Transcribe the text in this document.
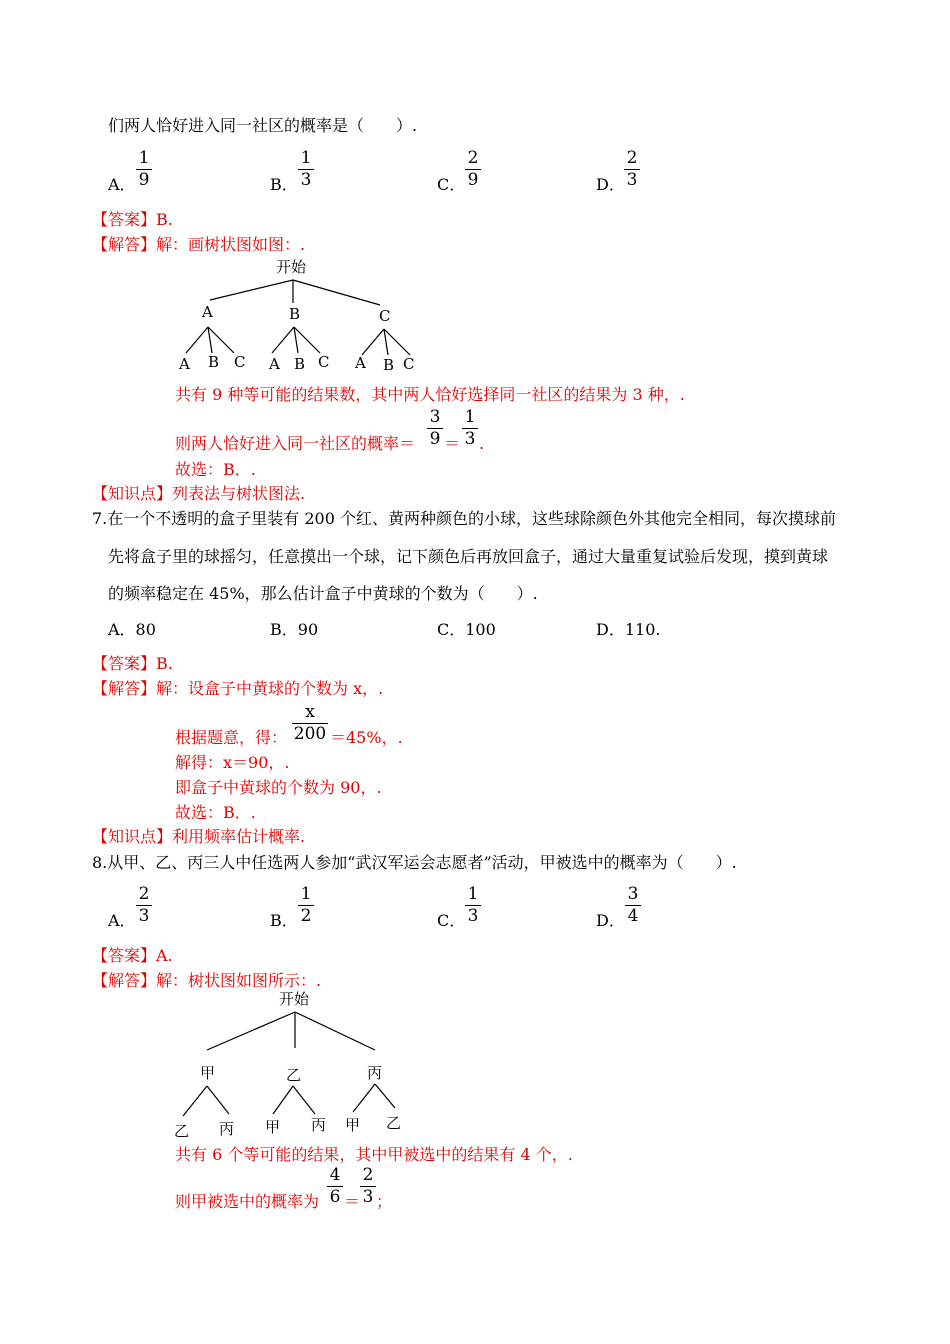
们两人恰好进入同一社区的概率是（　　）.
A．
1
9	B．
1
3	C．
2
9	D．
2
3
【答案】B.
【解答】解：画树状图如图：.
开始
A	B	C
A B C A B C A B C
共有 9 种等可能的结果数，其中两人恰好选择同一社区的结果为 3 种，.
则两人恰好进入同一社区的概率＝
3
9 ＝
1
3 .
故选：B．.
【知识点】列表法与树状图法.
7.在一个不透明的盒子里装有 200 个红、黄两种颜色的小球，这些球除颜色外其他完全相同，每次摸球前
先将盒子里的球摇匀，任意摸出一个球，记下颜色后再放回盒子，通过大量重复试验后发现，摸到黄球
的频率稳定在 45%，那么估计盒子中黄球的个数为（　　）.
A．80	B．90	C．100	D．110.
【答案】B.
【解答】解：设盒子中黄球的个数为 x，.
根据题意，得：
x
200 ＝45%，.
解得：x＝90，.
即盒子中黄球的个数为 90，.
故选：B．.
【知识点】利用频率估计概率.
8.从甲、乙、丙三人中任选两人参加“武汉军运会志愿者”活动，甲被选中的概率为（　　）.
A．
2
3	B．
1
2	C．
1
3	D．
3
4
【答案】A.
【解答】解：树状图如图所示：.
开始
甲	乙	丙
乙 丙 甲 丙 甲 乙
共有 6 个等可能的结果，其中甲被选中的结果有 4 个，.
则甲被选中的概率为
4
6 ＝
2
3 ；
